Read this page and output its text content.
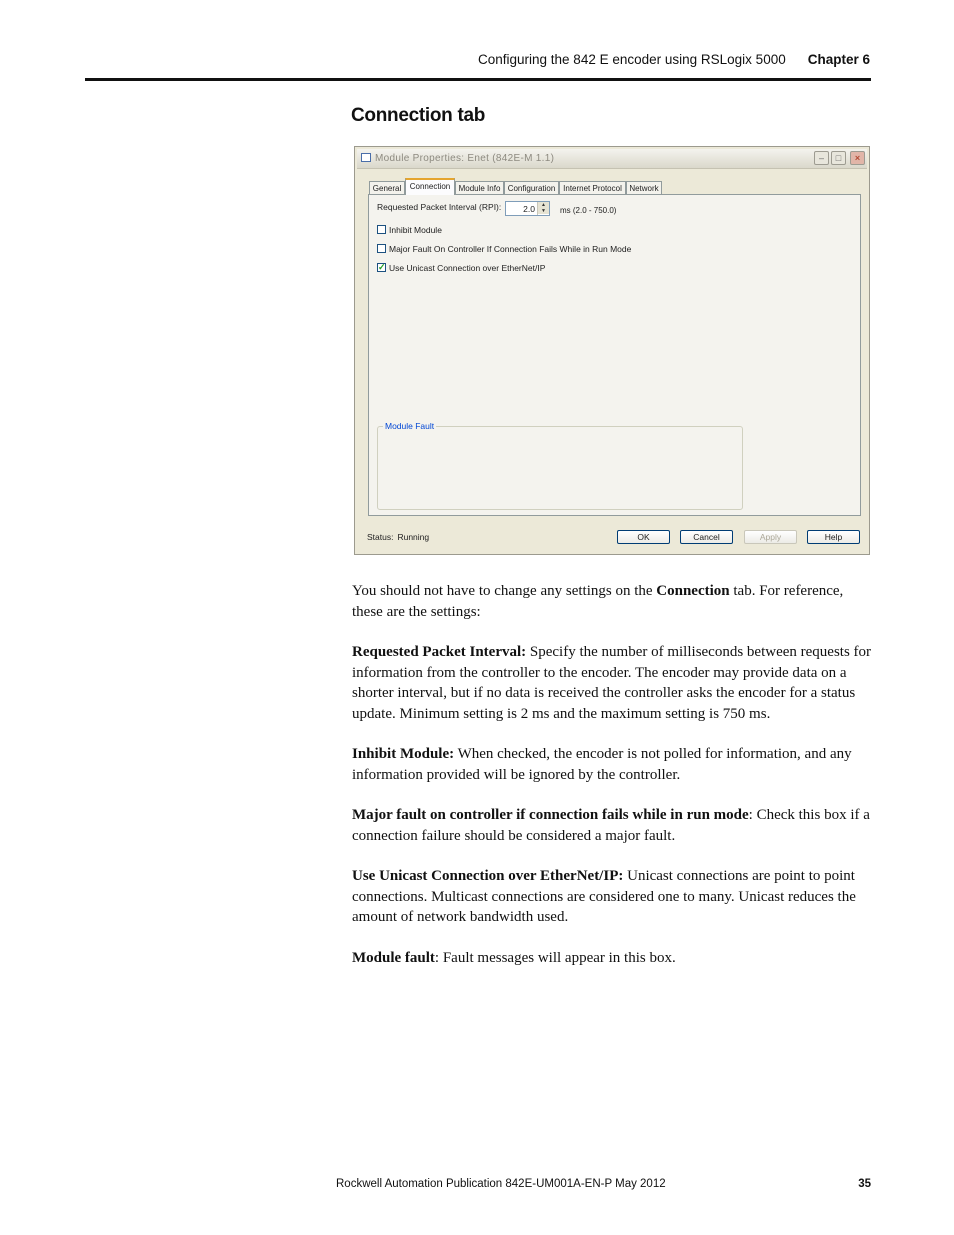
Configuring the 842 E encoder using RSLogix 5000 Chapter 6
Connection tab
Module Properties: Enet (842E-M 1.1)	–	□	×
General	Connection	Module Info Configuration Internet Protocol Network
Requested Packet Interval (RPI):	2.0	▲
▼	ms (2.0 - 750.0)
Inhibit Module
Major Fault On Controller If Connection Fails While in Run Mode
✓ Use Unicast Connection over EtherNet/IP
Module Fault
Status: Running	OK	Cancel	Apply	Help

You should not have to change any settings on the Connection tab. For reference, these are the settings:

Requested Packet Interval: Specify the number of milliseconds between requests for information from the controller to the encoder. The encoder may provide data on a shorter interval, but if no data is received the controller asks the encoder for a status update. Minimum setting is 2 ms and the maximum setting is 750 ms.

Inhibit Module: When checked, the encoder is not polled for information, and any information provided will be ignored by the controller.

Major fault on controller if connection fails while in run mode: Check this box if a connection failure should be considered a major fault.

Use Unicast Connection over EtherNet/IP: Unicast connections are point to point connections. Multicast connections are considered one to many. Unicast reduces the amount of network bandwidth used.

Module fault: Fault messages will appear in this box.

Rockwell Automation Publication 842E-UM001A-EN-P May 2012	35
